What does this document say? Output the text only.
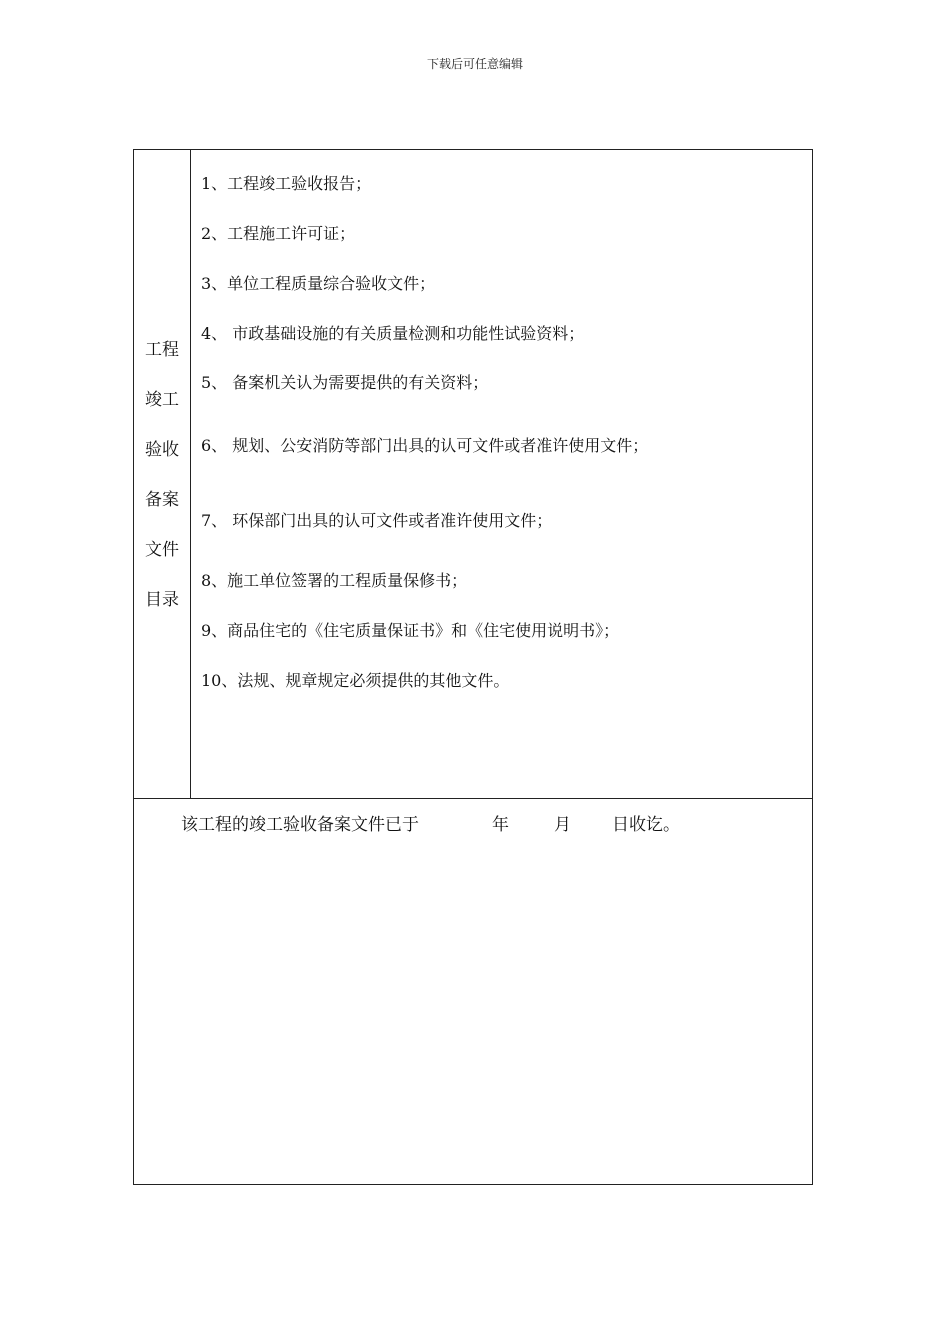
下载后可任意编辑
工程
竣工
验收
备案
文件
目录
1、工程竣工验收报告；
2、工程施工许可证；
3、单位工程质量综合验收文件；
4、 市政基础设施的有关质量检测和功能性试验资料；
5、 备案机关认为需要提供的有关资料；
6、 规划、公安消防等部门出具的认可文件或者准许使用文件；
7、 环保部门出具的认可文件或者准许使用文件；
8、施工单位签署的工程质量保修书；
9、商品住宅的《住宅质量保证书》和《住宅使用说明书》；
10、法规、规章规定必须提供的其他文件。
该工程的竣工验收备案文件已于	年	月 日收讫。
